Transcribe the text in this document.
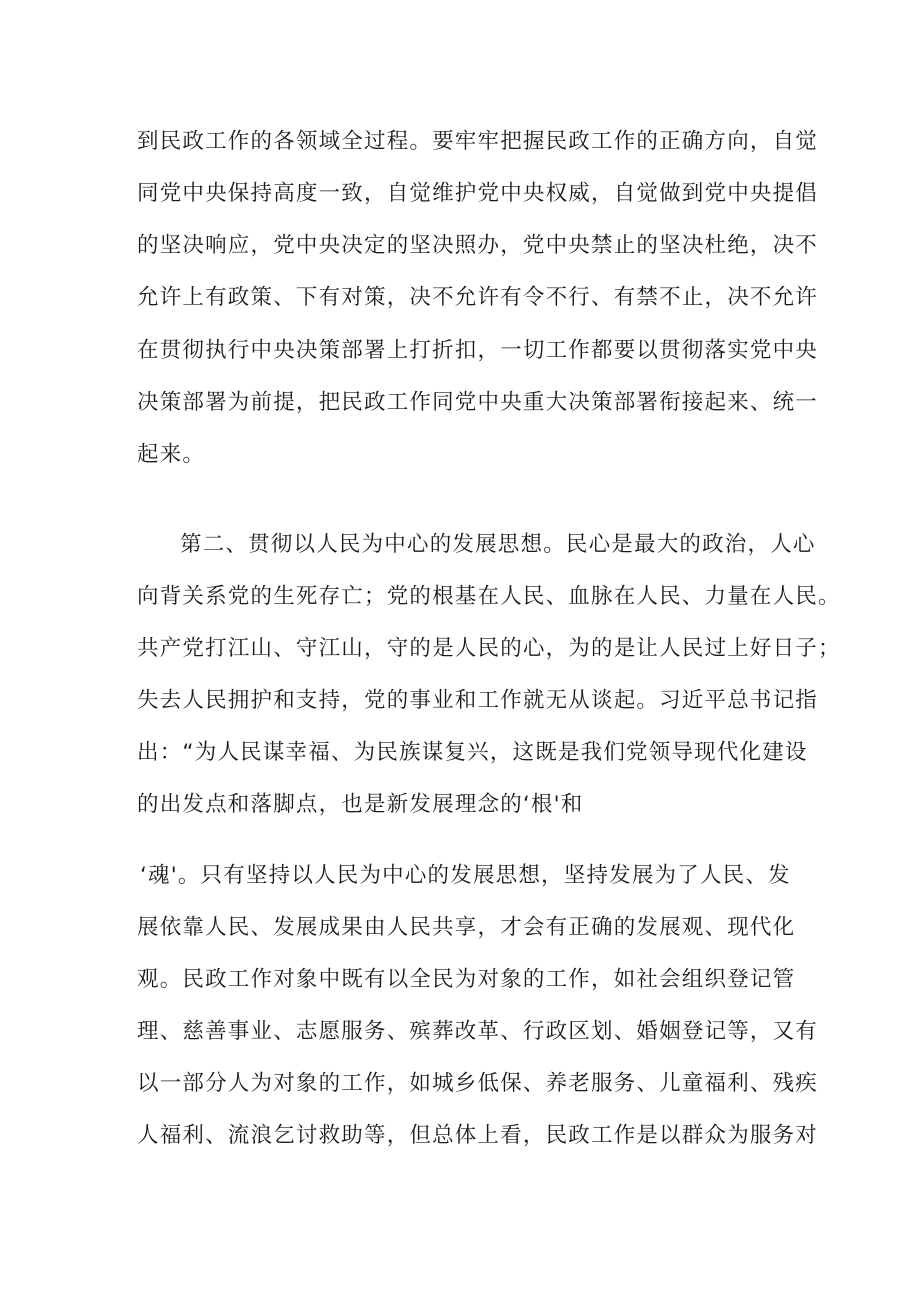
到民政工作的各领域全过程。要牢牢把握民政工作的正确方向，自觉
同党中央保持高度一致，自觉维护党中央权威，自觉做到党中央提倡
的坚决响应，党中央决定的坚决照办，党中央禁止的坚决杜绝，决不
允许上有政策、下有对策，决不允许有令不行、有禁不止，决不允许
在贯彻执行中央决策部署上打折扣，一切工作都要以贯彻落实党中央
决策部署为前提，把民政工作同党中央重大决策部署衔接起来、统一
起来。
第二、贯彻以人民为中心的发展思想。民心是最大的政治，人心
向背关系党的生死存亡；党的根基在人民、血脉在人民、力量在人民。
共产党打江山、守江山，守的是人民的心，为的是让人民过上好日子；
失去人民拥护和支持，党的事业和工作就无从谈起。习近平总书记指
出：“为人民谋幸福、为民族谋复兴，这既是我们党领导现代化建设
的出发点和落脚点，也是新发展理念的‘根'和
‘魂'。只有坚持以人民为中心的发展思想，坚持发展为了人民、发
展依靠人民、发展成果由人民共享，才会有正确的发展观、现代化
观。民政工作对象中既有以全民为对象的工作，如社会组织登记管
理、慈善事业、志愿服务、殡葬改革、行政区划、婚姻登记等，又有
以一部分人为对象的工作，如城乡低保、养老服务、儿童福利、残疾
人福利、流浪乞讨救助等，但总体上看，民政工作是以群众为服务对
